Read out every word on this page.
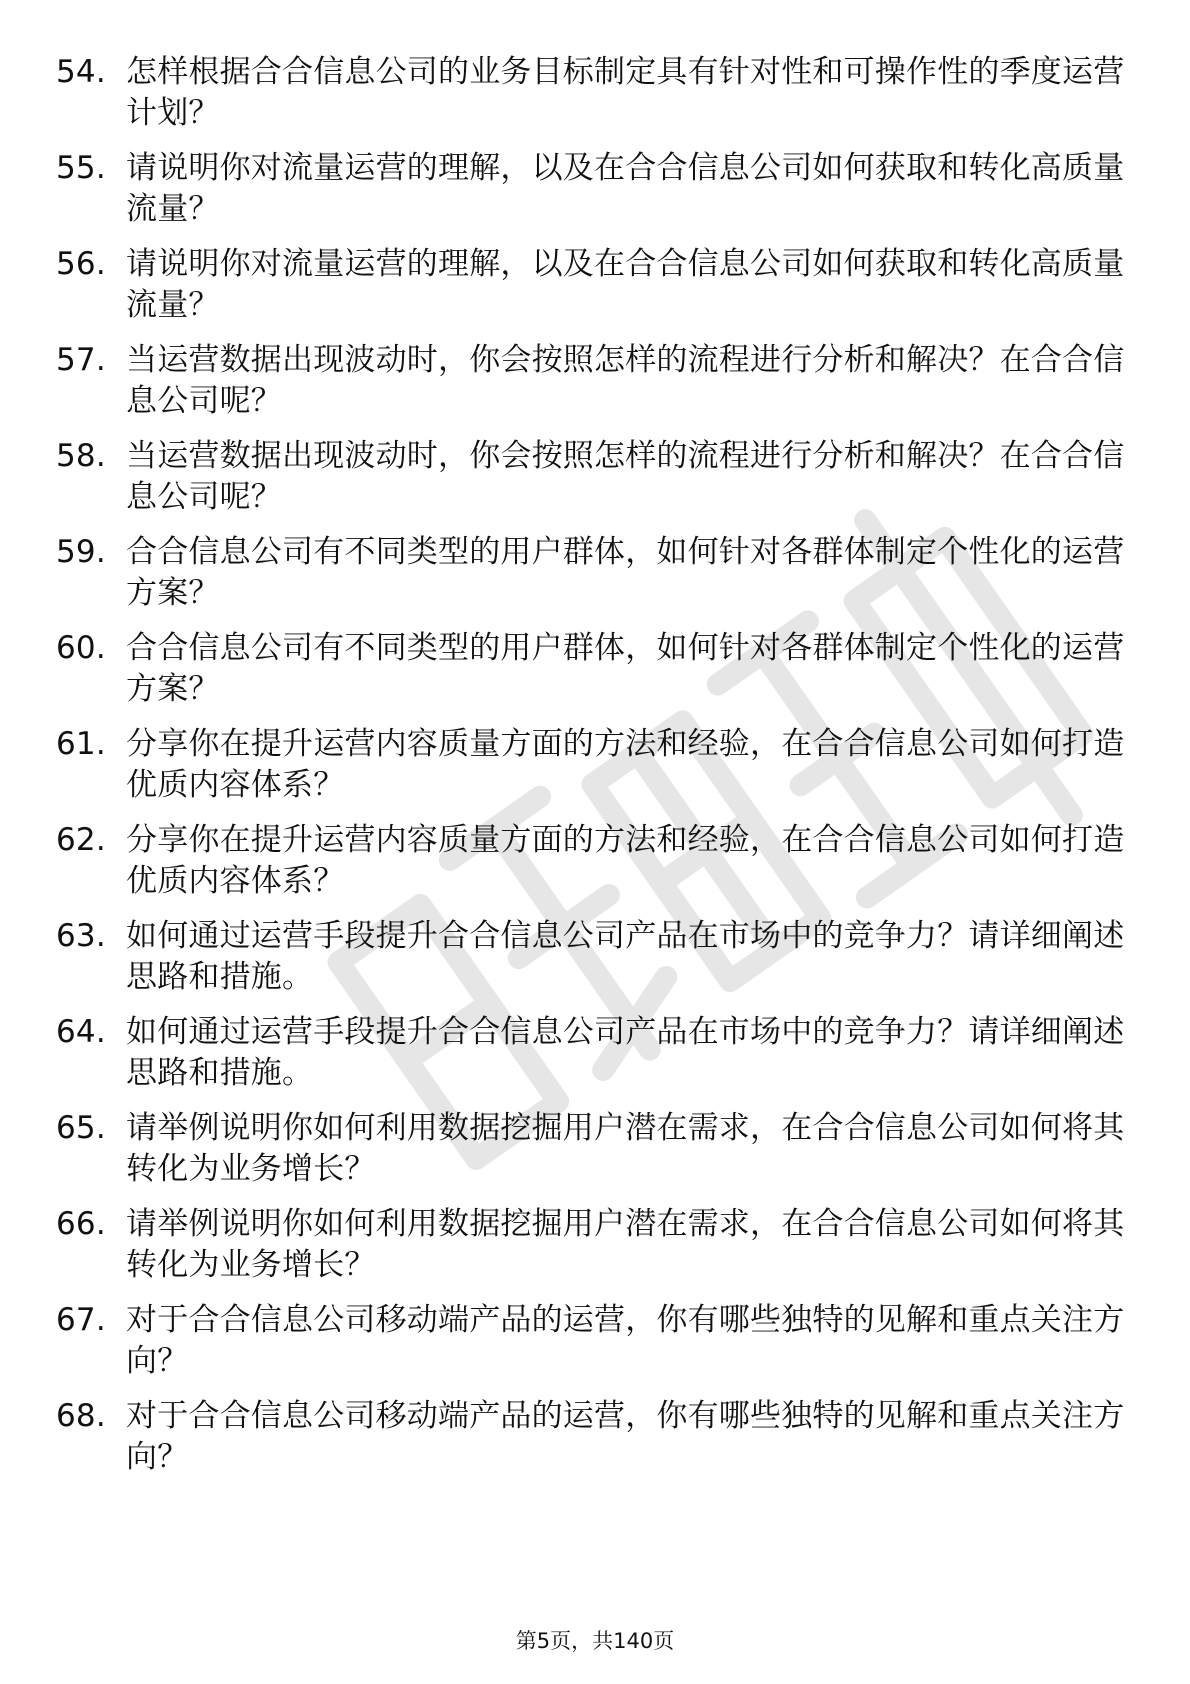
54. 怎样根据合合信息公司的业务目标制定具有针对性和可操作性的季度运营计划？
55. 请说明你对流量运营的理解，以及在合合信息公司如何获取和转化高质量流量？
56. 请说明你对流量运营的理解，以及在合合信息公司如何获取和转化高质量流量？
57. 当运营数据出现波动时，你会按照怎样的流程进行分析和解决？在合合信息公司呢？
58. 当运营数据出现波动时，你会按照怎样的流程进行分析和解决？在合合信息公司呢？
59. 合合信息公司有不同类型的用户群体，如何针对各群体制定个性化的运营方案？
60. 合合信息公司有不同类型的用户群体，如何针对各群体制定个性化的运营方案？
61. 分享你在提升运营内容质量方面的方法和经验，在合合信息公司如何打造优质内容体系？
62. 分享你在提升运营内容质量方面的方法和经验，在合合信息公司如何打造优质内容体系？
63. 如何通过运营手段提升合合信息公司产品在市场中的竞争力？请详细阐述思路和措施。
64. 如何通过运营手段提升合合信息公司产品在市场中的竞争力？请详细阐述思路和措施。
65. 请举例说明你如何利用数据挖掘用户潜在需求，在合合信息公司如何将其转化为业务增长？
66. 请举例说明你如何利用数据挖掘用户潜在需求，在合合信息公司如何将其转化为业务增长？
67. 对于合合信息公司移动端产品的运营，你有哪些独特的见解和重点关注方向？
68. 对于合合信息公司移动端产品的运营，你有哪些独特的见解和重点关注方向？
第5页，共140页
